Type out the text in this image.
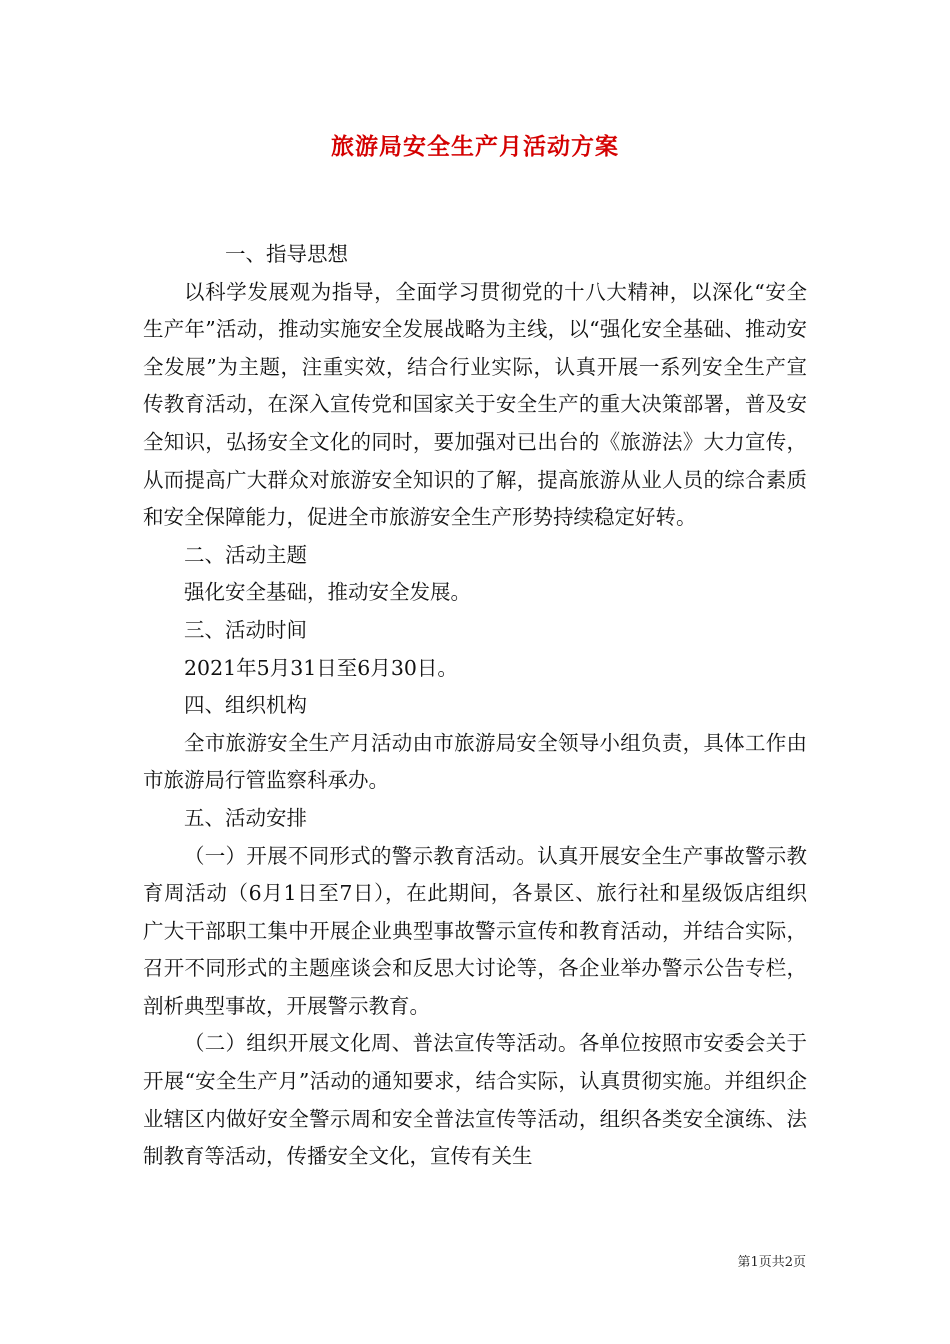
旅游局安全生产月活动方案

一、指导思想

以科学发展观为指导，全面学习贯彻党的十八大精神，以深化“安全生产年”活动，推动实施安全发展战略为主线，以“强化安全基础、推动安全发展”为主题，注重实效，结合行业实际，认真开展一系列安全生产宣传教育活动，在深入宣传党和国家关于安全生产的重大决策部署，普及安全知识，弘扬安全文化的同时，要加强对已出台的《旅游法》大力宣传，从而提高广大群众对旅游安全知识的了解，提高旅游从业人员的综合素质和安全保障能力，促进全市旅游安全生产形势持续稳定好转。

二、活动主题

强化安全基础，推动安全发展。

三、活动时间

2021年5月31日至6月30日。

四、组织机构

全市旅游安全生产月活动由市旅游局安全领导小组负责，具体工作由市旅游局行管监察科承办。

五、活动安排

（一）开展不同形式的警示教育活动。认真开展安全生产事故警示教育周活动（6月1日至7日），在此期间，各景区、旅行社和星级饭店组织广大干部职工集中开展企业典型事故警示宣传和教育活动，并结合实际，召开不同形式的主题座谈会和反思大讨论等，各企业举办警示公告专栏，剖析典型事故，开展警示教育。

（二）组织开展文化周、普法宣传等活动。各单位按照市安委会关于开展“安全生产月”活动的通知要求，结合实际，认真贯彻实施。并组织企业辖区内做好安全警示周和安全普法宣传等活动，组织各类安全演练、法制教育等活动，传播安全文化，宣传有关生

第1页共2页
